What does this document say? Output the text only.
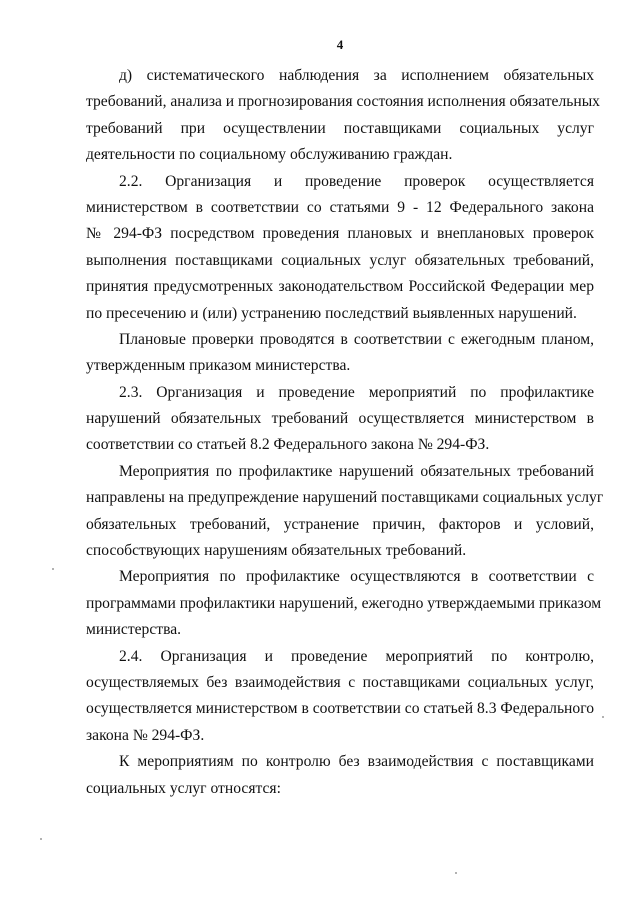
4
д) систематического наблюдения за исполнением обязательных
требований, анализа и прогнозирования состояния исполнения обязательных
требований при осуществлении поставщиками социальных услуг
деятельности по социальному обслуживанию граждан.
2.2. Организация и проведение проверок осуществляется
министерством в соответствии со статьями 9 - 12 Федерального закона
№ 294-ФЗ посредством проведения плановых и внеплановых проверок
выполнения поставщиками социальных услуг обязательных требований,
принятия предусмотренных законодательством Российской Федерации мер
по пресечению и (или) устранению последствий выявленных нарушений.
Плановые проверки проводятся в соответствии с ежегодным планом,
утвержденным приказом министерства.
2.3. Организация и проведение мероприятий по профилактике
нарушений обязательных требований осуществляется министерством в
соответствии со статьей 8.2 Федерального закона № 294-ФЗ.
Мероприятия по профилактике нарушений обязательных требований
направлены на предупреждение нарушений поставщиками социальных услуг
обязательных требований, устранение причин, факторов и условий,
способствующих нарушениям обязательных требований.
Мероприятия по профилактике осуществляются в соответствии с
программами профилактики нарушений, ежегодно утверждаемыми приказом
министерства.
2.4. Организация и проведение мероприятий по контролю,
осуществляемых без взаимодействия с поставщиками социальных услуг,
осуществляется министерством в соответствии со статьей 8.3 Федерального
закона № 294-ФЗ.
К мероприятиям по контролю без взаимодействия с поставщиками
социальных услуг относятся:
